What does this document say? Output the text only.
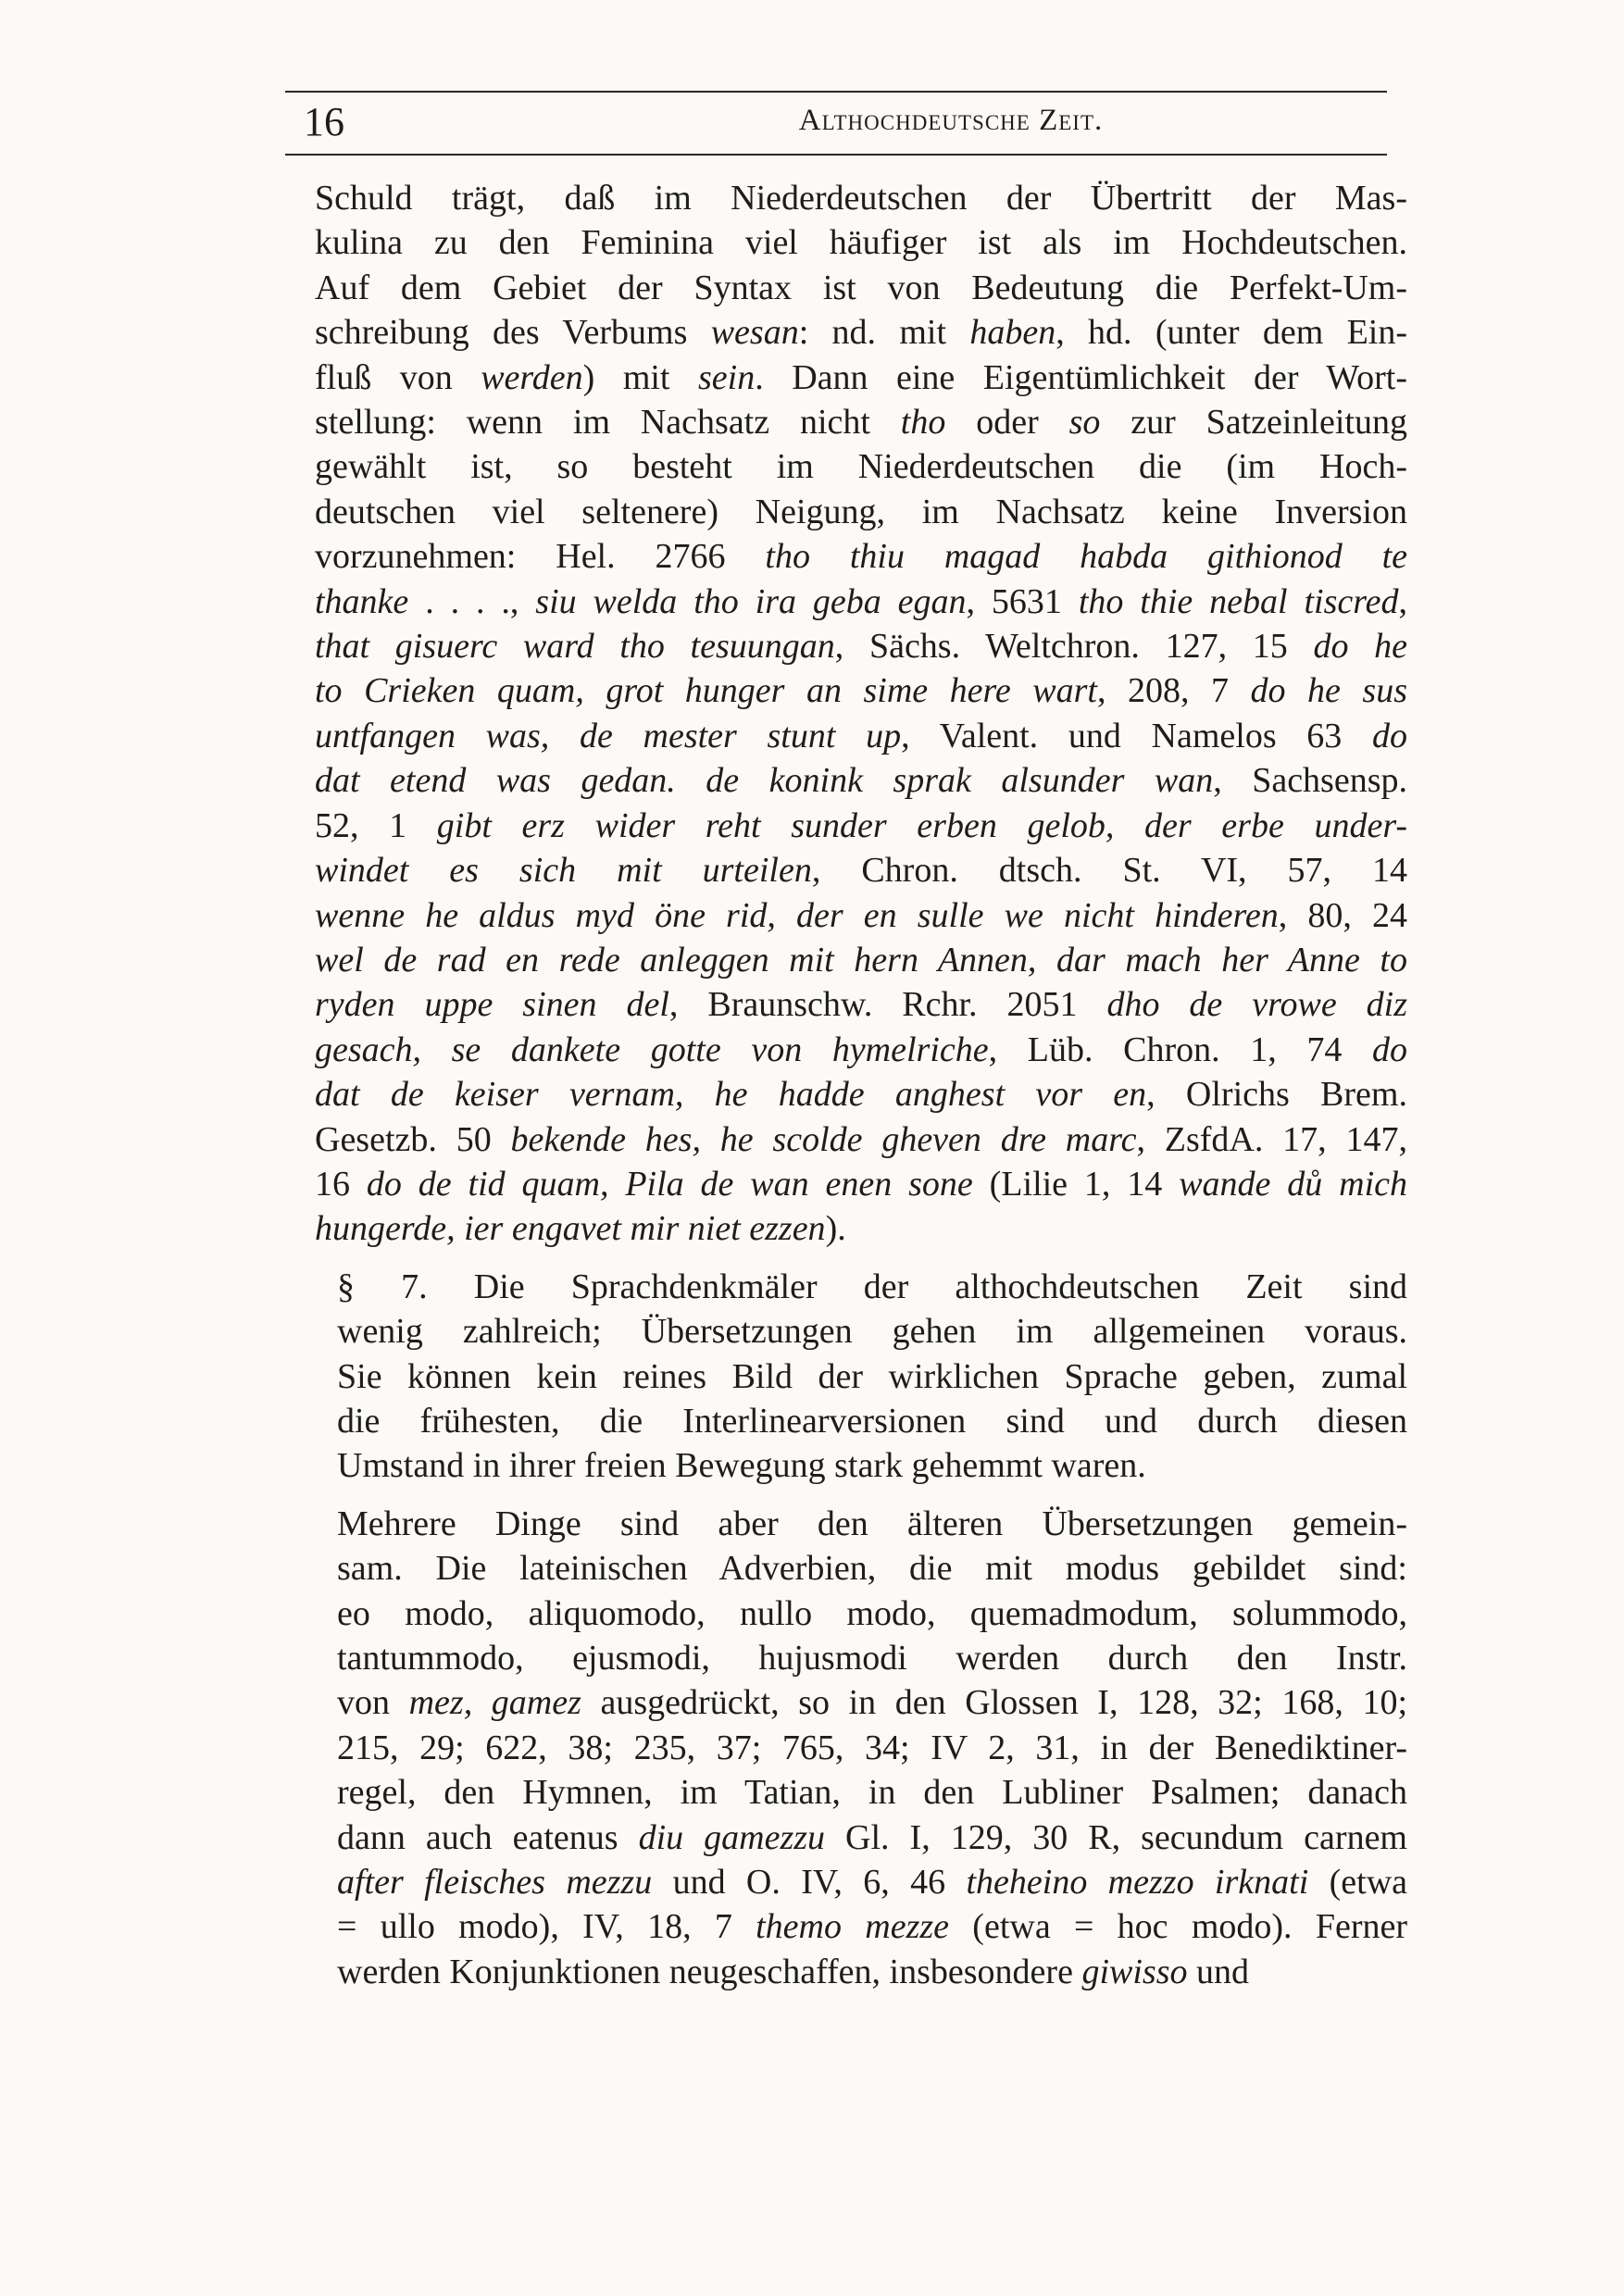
16	Althochdeutsche Zeit.

Schuld trägt, daß im Niederdeutschen der Übertritt der Mas-
kulina zu den Feminina viel häufiger ist als im Hochdeutschen.
Auf dem Gebiet der Syntax ist von Bedeutung die Perfekt-Um-
schreibung des Verbums wesan: nd. mit haben, hd. (unter dem Ein-
fluß von werden) mit sein. Dann eine Eigentümlichkeit der Wort-
stellung: wenn im Nachsatz nicht tho oder so zur Satzeinleitung
gewählt ist, so besteht im Niederdeutschen die (im Hoch-
deutschen viel seltenere) Neigung, im Nachsatz keine Inversion
vorzunehmen: Hel. 2766 tho thiu magad habda githionod te
thanke . . . ., siu welda tho ira geba egan, 5631 tho thie nebal tiscred,
that gisuerc ward tho tesuungan, Sächs. Weltchron. 127, 15 do he
to Crieken quam, grot hunger an sime here wart, 208, 7 do he sus
untfangen was, de mester stunt up, Valent. und Namelos 63 do
dat etend was gedan. de konink sprak alsunder wan, Sachsensp.
52, 1 gibt erz wider reht sunder erben gelob, der erbe under-
windet es sich mit urteilen, Chron. dtsch. St. VI, 57, 14
wenne he aldus myd öne rid, der en sulle we nicht hinderen, 80, 24
wel de rad en rede anleggen mit hern Annen, dar mach her Anne to
ryden uppe sinen del, Braunschw. Rchr. 2051 dho de vrowe diz
gesach, se dankete gotte von hymelriche, Lüb. Chron. 1, 74 do
dat de keiser vernam, he hadde anghest vor en, Olrichs Brem.
Gesetzb. 50 bekende hes, he scolde gheven dre marc, ZsfdA. 17, 147,
16 do de tid quam, Pila de wan enen sone (Lilie 1, 14 wande dů mich
hungerde, ier engavet mir niet ezzen).

§ 7. Die Sprachdenkmäler der althochdeutschen Zeit sind
wenig zahlreich; Übersetzungen gehen im allgemeinen voraus.
Sie können kein reines Bild der wirklichen Sprache geben, zumal
die frühesten, die Interlinearversionen sind und durch diesen
Umstand in ihrer freien Bewegung stark gehemmt waren.

Mehrere Dinge sind aber den älteren Übersetzungen gemein-
sam. Die lateinischen Adverbien, die mit modus gebildet sind:
eo modo, aliquomodo, nullo modo, quemadmodum, solummodo,
tantummodo, ejusmodi, hujusmodi werden durch den Instr.
von mez, gamez ausgedrückt, so in den Glossen I, 128, 32; 168, 10;
215, 29; 622, 38; 235, 37; 765, 34; IV 2, 31, in der Benediktiner-
regel, den Hymnen, im Tatian, in den Lubliner Psalmen; danach
dann auch eatenus diu gamezzu Gl. I, 129, 30 R, secundum carnem
after fleisches mezzu und O. IV, 6, 46 theheino mezzo irknati (etwa
= ullo modo), IV, 18, 7 themo mezze (etwa = hoc modo). Ferner
werden Konjunktionen neugeschaffen, insbesondere giwisso und
